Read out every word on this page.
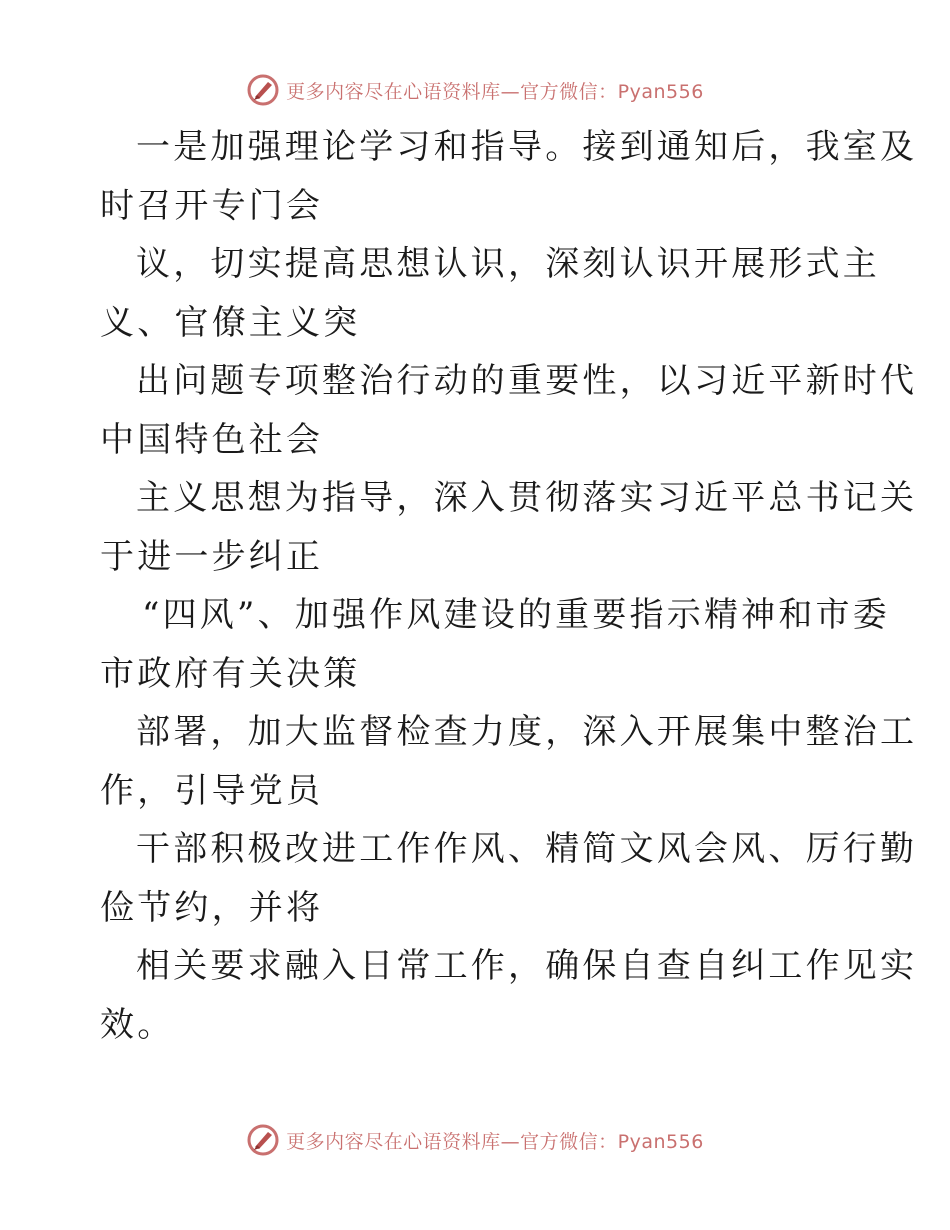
更多内容尽在心语资料库—官方微信：Pyan556
一是加强理论学习和指导。接到通知后，我室及
时召开专门会
议，切实提高思想认识，深刻认识开展形式主
义、官僚主义突
出问题专项整治行动的重要性，以习近平新时代
中国特色社会
主义思想为指导，深入贯彻落实习近平总书记关
于进一步纠正
“四风”、加强作风建设的重要指示精神和市委
市政府有关决策
部署，加大监督检查力度，深入开展集中整治工
作，引导党员
干部积极改进工作作风、精简文风会风、厉行勤
俭节约，并将
相关要求融入日常工作，确保自查自纠工作见实
效。
更多内容尽在心语资料库—官方微信：Pyan556
